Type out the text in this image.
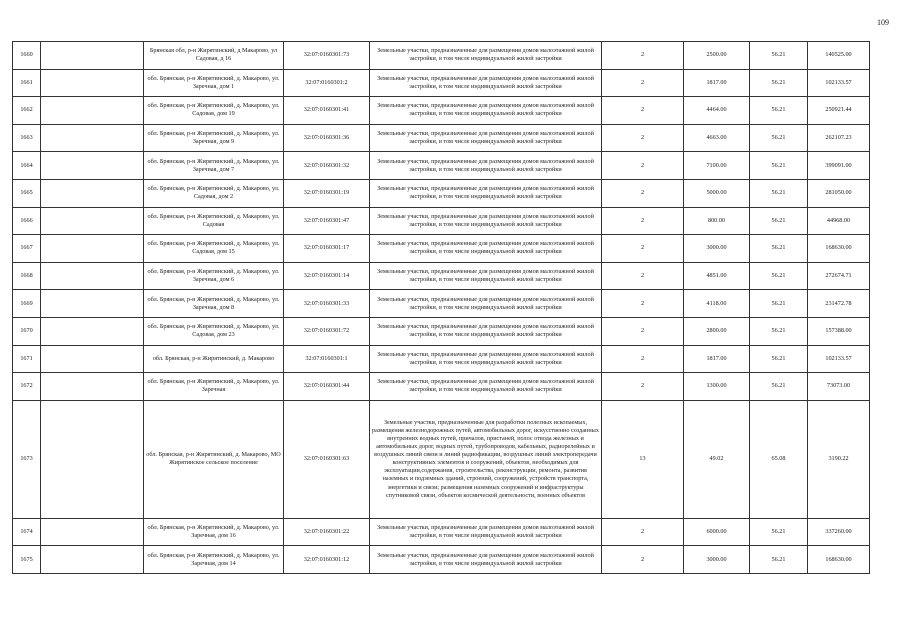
109
1660		Брянская обл, р-н Жирятинский, д Макарово, ул Садовая, д 16	32:07:0160301:73	Земельные участки, предназначенные для размещения домов малоэтажной жилой застройки, в том числе индивидуальной жилой застройки	2	2500.00	56.21	140525.00
1661		обл. Брянская, р-н Жирятинский, д. Макарово, ул. Заречная, дом 1	32:07:0160301:2	Земельные участки, предназначенные для размещения домов малоэтажной жилой застройки, в том числе индивидуальной жилой застройки	2	1817.00	56.21	102133.57
1662		обл. Брянская, р-н Жирятинский, д. Макарово, ул. Садовая, дом 19	32:07:0160301:41	Земельные участки, предназначенные для размещения домов малоэтажной жилой застройки, в том числе индивидуальной жилой застройки	2	4464.00	56.21	250921.44
1663		обл. Брянская, р-н Жирятинский, д. Макарово, ул. Заречная, дом 9	32:07:0160301:36	Земельные участки, предназначенные для размещения домов малоэтажной жилой застройки, в том числе индивидуальной жилой застройки	2	4663.00	56.21	262107.23
1664		обл. Брянская, р-н Жирятинский, д. Макарово, ул. Заречная, дом 7	32:07:0160301:32	Земельные участки, предназначенные для размещения домов малоэтажной жилой застройки, в том числе индивидуальной жилой застройки	2	7100.00	56.21	399091.00
1665		обл. Брянская, р-н Жирятинский, д. Макарово, ул. Садовая, дом 2	32:07:0160301:19	Земельные участки, предназначенные для размещения домов малоэтажной жилой застройки, в том числе индивидуальной жилой застройки	2	5000.00	56.21	281050.00
1666		обл. Брянская, р-н Жирятинский, д. Макарово, ул. Садовая	32:07:0160301:47	Земельные участки, предназначенные для размещения домов малоэтажной жилой застройки, в том числе индивидуальной жилой застройки	2	800.00	56.21	44968.00
1667		обл. Брянская, р-н Жирятинский, д. Макарово, ул. Садовая, дом 15	32:07:0160301:17	Земельные участки, предназначенные для размещения домов малоэтажной жилой застройки, в том числе индивидуальной жилой застройки	2	3000.00	56.21	168630.00
1668		обл. Брянская, р-н Жирятинский, д. Макарово, ул. Заречная, дом 6	32:07:0160301:14	Земельные участки, предназначенные для размещения домов малоэтажной жилой застройки, в том числе индивидуальной жилой застройки	2	4851.00	56.21	272674.71
1669		обл. Брянская, р-н Жирятинский, д. Макарово, ул. Заречная, дом 8	32:07:0160301:33	Земельные участки, предназначенные для размещения домов малоэтажной жилой застройки, в том числе индивидуальной жилой застройки	2	4118.00	56.21	231472.78
1670		обл. Брянская, р-н Жирятинский, д. Макарово, ул. Садовая, дом 23	32:07:0160301:72	Земельные участки, предназначенные для размещения домов малоэтажной жилой застройки, в том числе индивидуальной жилой застройки	2	2800.00	56.21	157388.00
1671		обл. Брянская, р-н Жирятинский, д. Макарово	32:07:0160301:1	Земельные участки, предназначенные для размещения домов малоэтажной жилой застройки, в том числе индивидуальной жилой застройки	2	1817.00	56.21	102133.57
1672		обл. Брянская, р-н Жирятинский, д. Макарово, ул. Заречная	32:07:0160301:44	Земельные участки, предназначенные для размещения домов малоэтажной жилой застройки, в том числе индивидуальной жилой застройки	2	1300.00	56.21	73073.00
1673		обл. Брянская, р-н Жирятинский, д. Макарово, МО Жирятинское сельское поселение	32:07:0160301:63	Земельные участки, предназначенные для разработки полезных ископаемых, размещения железнодорожных путей, автомобильных дорог, искусственно созданных внутренних водных путей, причалов, пристаней, полос отвода железных и автомобильных дорог, водных путей, трубопроводов, кабельных, радиорелейных и воздушных линий связи и линий радиофикации, воздушных линий электропередачи конструктивных элементов и сооружений, объектов, необходимых для эксплуатации,содержания, строительства, реконструкции, ремонта, развития наземных и подземных зданий, строений, сооружений, устройств транспорта, энергетики и связи; размещения наземных сооружений и инфраструктуры спутниковой связи, объектов космической деятельности, военных объектов	13	49.02	65.08	3190.22
1674		обл. Брянская, р-н Жирятинский, д. Макарово, ул. Заречная, дом 16	32:07:0160301:22	Земельные участки, предназначенные для размещения домов малоэтажной жилой застройки, в том числе индивидуальной жилой застройки	2	6000.00	56.21	337260.00
1675		обл. Брянская, р-н Жирятинский, д. Макарово, ул. Заречная, дом 14	32:07:0160301:12	Земельные участки, предназначенные для размещения домов малоэтажной жилой застройки, в том числе индивидуальной жилой застройки	2	3000.00	56.21	168630.00
